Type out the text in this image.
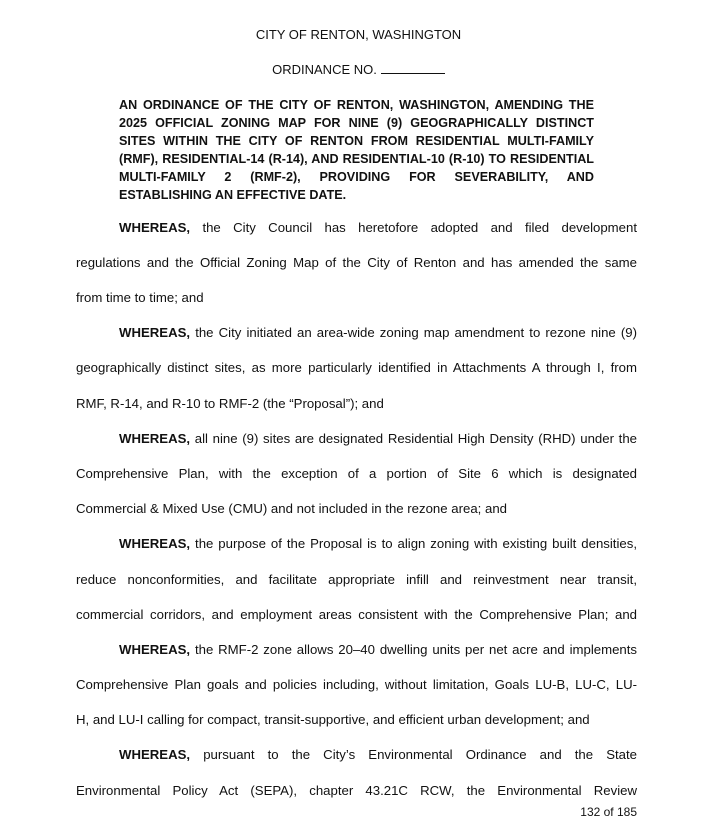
CITY OF RENTON, WASHINGTON
ORDINANCE NO.
AN ORDINANCE OF THE CITY OF RENTON, WASHINGTON, AMENDING THE 2025 OFFICIAL ZONING MAP FOR NINE (9) GEOGRAPHICALLY DISTINCT SITES WITHIN THE CITY OF RENTON FROM RESIDENTIAL MULTI-FAMILY (RMF), RESIDENTIAL-14 (R-14), AND RESIDENTIAL-10 (R-10) TO RESIDENTIAL MULTI-FAMILY 2 (RMF-2), PROVIDING FOR SEVERABILITY, AND ESTABLISHING AN EFFECTIVE DATE.
WHEREAS, the City Council has heretofore adopted and filed development
regulations and the Official Zoning Map of the City of Renton and has amended the same
from time to time; and
WHEREAS, the City initiated an area-wide zoning map amendment to rezone nine (9)
geographically distinct sites, as more particularly identified in Attachments A through I, from
RMF, R-14, and R-10 to RMF-2 (the “Proposal”); and
WHEREAS, all nine (9) sites are designated Residential High Density (RHD) under the
Comprehensive Plan, with the exception of a portion of Site 6 which is designated
Commercial & Mixed Use (CMU) and not included in the rezone area; and
WHEREAS, the purpose of the Proposal is to align zoning with existing built densities,
reduce nonconformities, and facilitate appropriate infill and reinvestment near transit,
commercial corridors, and employment areas consistent with the Comprehensive Plan; and
WHEREAS, the RMF-2 zone allows 20–40 dwelling units per net acre and implements
Comprehensive Plan goals and policies including, without limitation, Goals LU-B, LU-C, LU-
H, and LU-I calling for compact, transit-supportive, and efficient urban development; and
WHEREAS, pursuant to the City’s Environmental Ordinance and the State
Environmental Policy Act (SEPA), chapter 43.21C RCW, the Environmental Review
132 of 185
